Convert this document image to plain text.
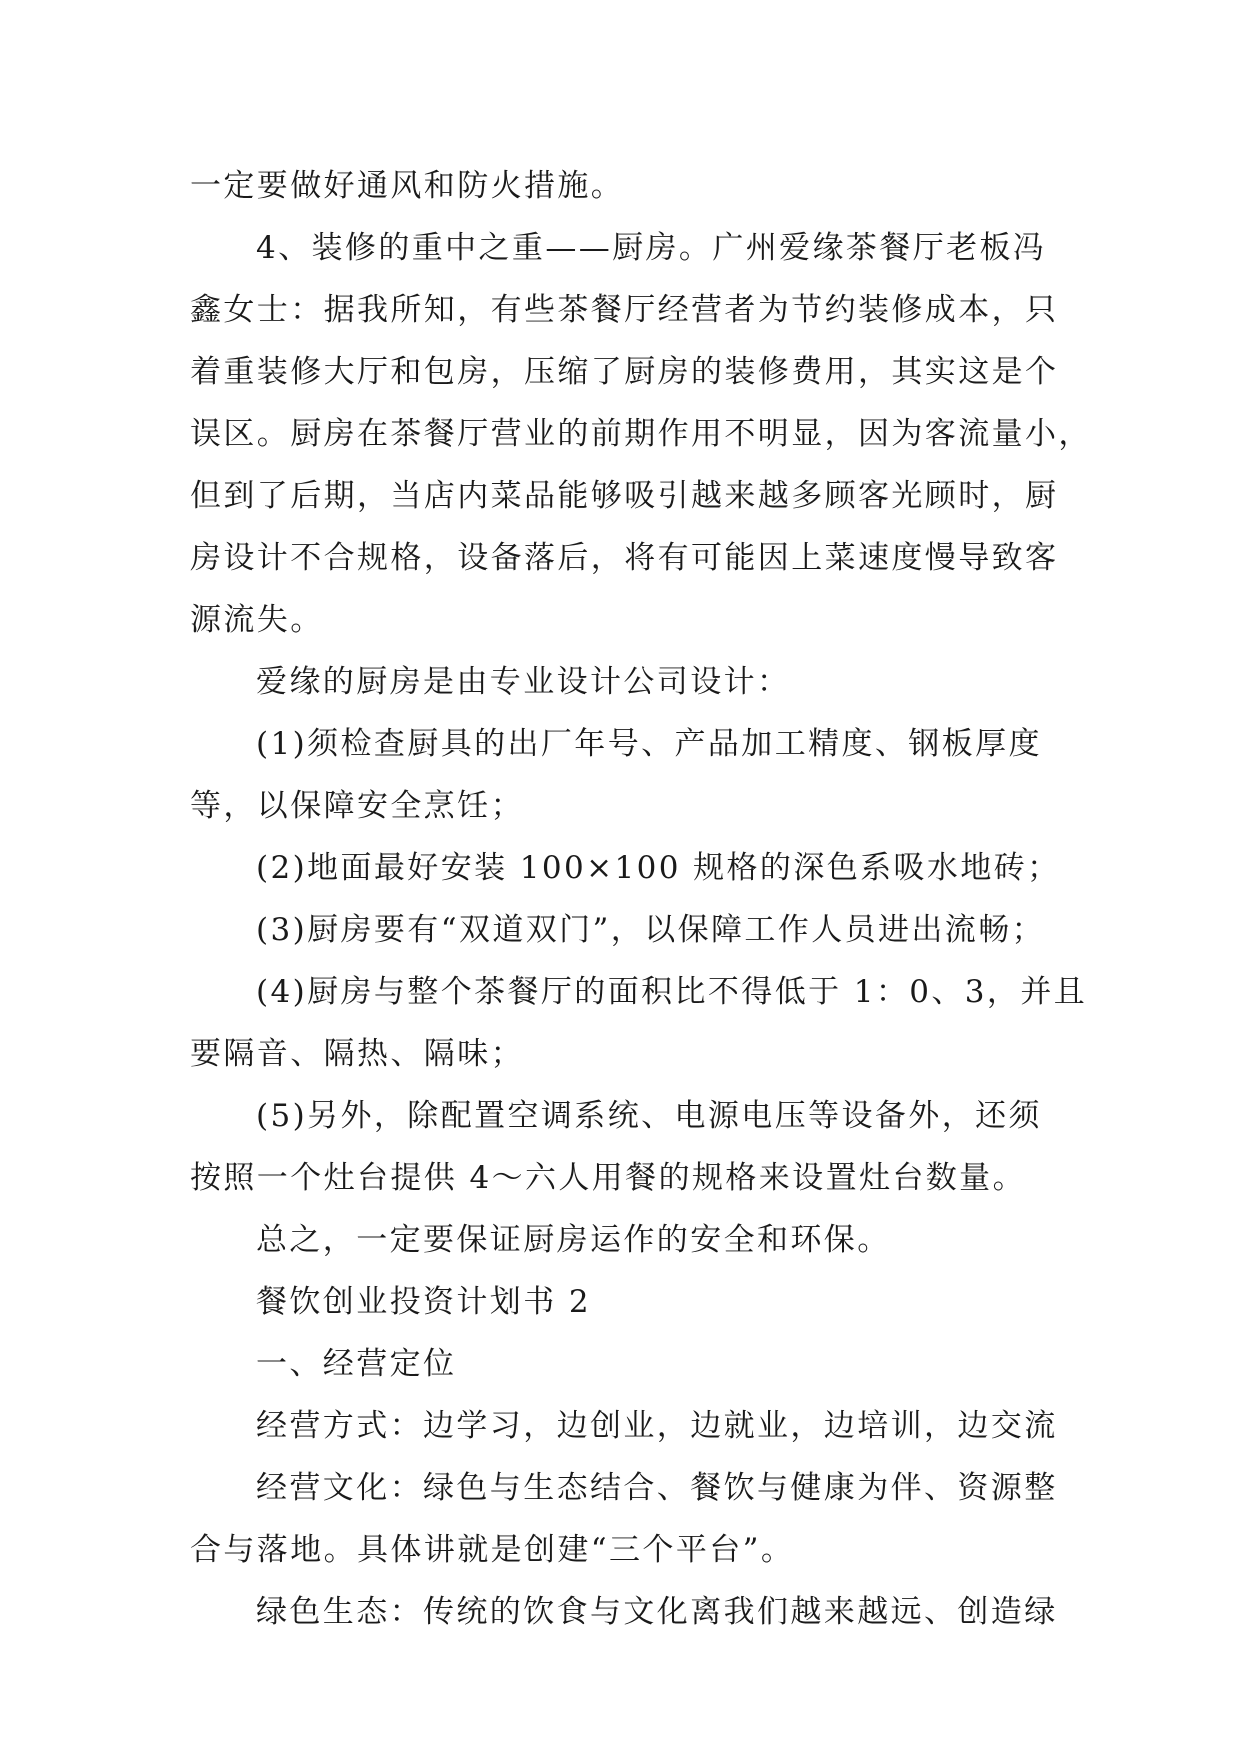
一定要做好通风和防火措施。
4、装修的重中之重——厨房。广州爱缘茶餐厅老板冯
鑫女士：据我所知，有些茶餐厅经营者为节约装修成本，只
着重装修大厅和包房，压缩了厨房的装修费用，其实这是个
误区。厨房在茶餐厅营业的前期作用不明显，因为客流量小，
但到了后期，当店内菜品能够吸引越来越多顾客光顾时，厨
房设计不合规格，设备落后，将有可能因上菜速度慢导致客
源流失。
爱缘的厨房是由专业设计公司设计：
(1)须检查厨具的出厂年号、产品加工精度、钢板厚度
等，以保障安全烹饪；
(2)地面最好安装 100×100 规格的深色系吸水地砖；
(3)厨房要有“双道双门”，以保障工作人员进出流畅；
(4)厨房与整个茶餐厅的面积比不得低于 1：0、3，并且
要隔音、隔热、隔味；
(5)另外，除配置空调系统、电源电压等设备外，还须
按照一个灶台提供 4～六人用餐的规格来设置灶台数量。
总之，一定要保证厨房运作的安全和环保。
餐饮创业投资计划书 2
一、经营定位
经营方式：边学习，边创业，边就业，边培训，边交流
经营文化：绿色与生态结合、餐饮与健康为伴、资源整
合与落地。具体讲就是创建“三个平台”。
绿色生态：传统的饮食与文化离我们越来越远、创造绿
